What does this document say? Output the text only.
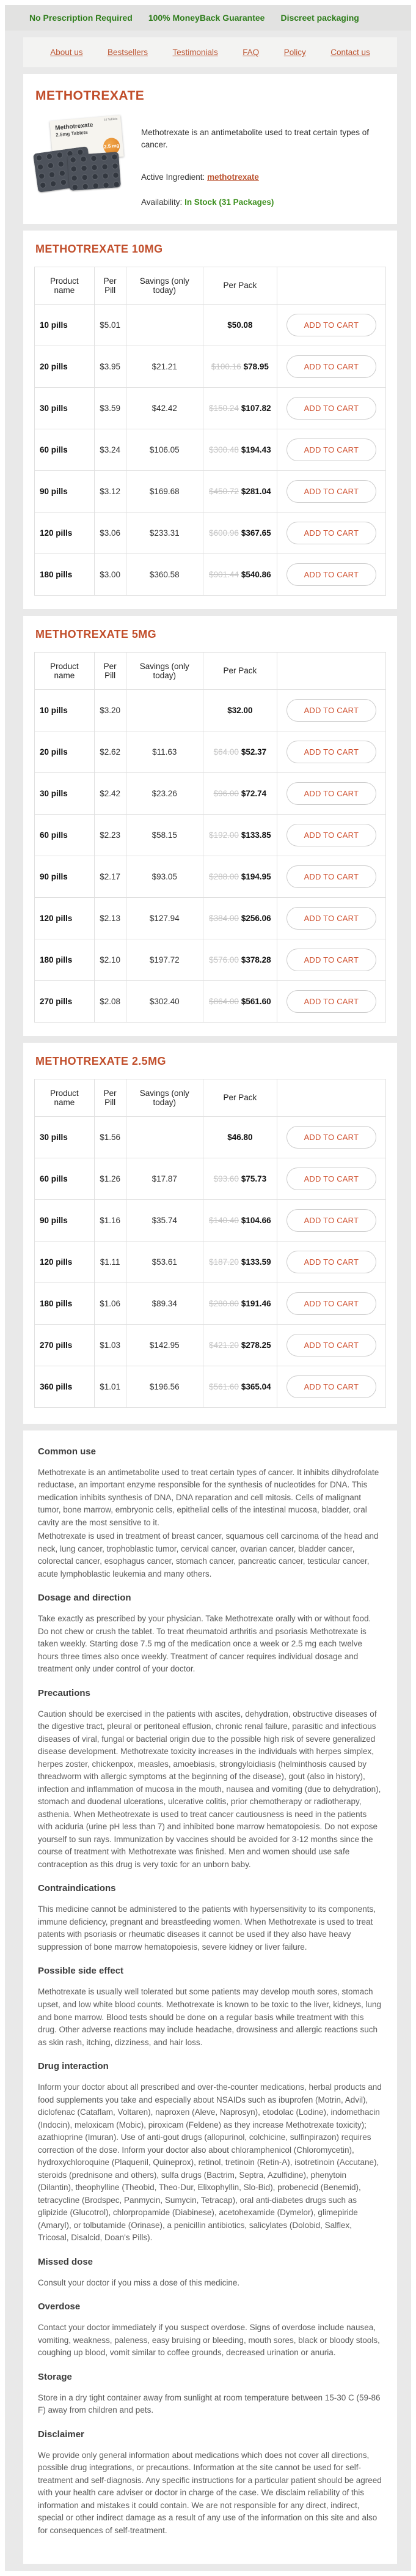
No Prescription Required 100% MoneyBack Guarantee Discreet packaging
About us	Bestsellers	Testimonials	FAQ	Policy	Contact us
METHOTREXATE
Methotrexate
2.5mg Tablets
24 Tablets
2.5 mg

Methotrexate is an antimetabolite used to treat certain types of cancer.

Active Ingredient: methotrexate
Availability: In Stock (31 Packages)
METHOTREXATE 10MG
Product name	Per Pill	Savings (only today)	Per Pack	
10 pills	$5.01		$50.08	ADD TO CART
20 pills	$3.95	$21.21	$100.16 $78.95	ADD TO CART
30 pills	$3.59	$42.42	$150.24 $107.82	ADD TO CART
60 pills	$3.24	$106.05	$300.48 $194.43	ADD TO CART
90 pills	$3.12	$169.68	$450.72 $281.04	ADD TO CART
120 pills	$3.06	$233.31	$600.96 $367.65	ADD TO CART
180 pills	$3.00	$360.58	$901.44 $540.86	ADD TO CART
METHOTREXATE 5MG
Product name	Per Pill	Savings (only today)	Per Pack	
10 pills	$3.20		$32.00	ADD TO CART
20 pills	$2.62	$11.63	$64.00 $52.37	ADD TO CART
30 pills	$2.42	$23.26	$96.00 $72.74	ADD TO CART
60 pills	$2.23	$58.15	$192.00 $133.85	ADD TO CART
90 pills	$2.17	$93.05	$288.00 $194.95	ADD TO CART
120 pills	$2.13	$127.94	$384.00 $256.06	ADD TO CART
180 pills	$2.10	$197.72	$576.00 $378.28	ADD TO CART
270 pills	$2.08	$302.40	$864.00 $561.60	ADD TO CART
METHOTREXATE 2.5MG
Product name	Per Pill	Savings (only today)	Per Pack	
30 pills	$1.56		$46.80	ADD TO CART
60 pills	$1.26	$17.87	$93.60 $75.73	ADD TO CART
90 pills	$1.16	$35.74	$140.40 $104.66	ADD TO CART
120 pills	$1.11	$53.61	$187.20 $133.59	ADD TO CART
180 pills	$1.06	$89.34	$280.80 $191.46	ADD TO CART
270 pills	$1.03	$142.95	$421.20 $278.25	ADD TO CART
360 pills	$1.01	$196.56	$561.60 $365.04	ADD TO CART
Common use

Methotrexate is an antimetabolite used to treat certain types of cancer. It inhibits dihydrofolate reductase, an important enzyme responsible for the synthesis of nucleotides for DNA. This medication inhibits synthesis of DNA, DNA reparation and cell mitosis. Cells of malignant tumor, bone marrow, embryonic cells, epithelial cells of the intestinal mucosa, bladder, oral cavity are the most sensitive to it.

Methotrexate is used in treatment of breast cancer, squamous cell carcinoma of the head and neck, lung cancer, trophoblastic tumor, cervical cancer, ovarian cancer, bladder cancer, colorectal cancer, esophagus cancer, stomach cancer, pancreatic cancer, testicular cancer, acute lymphoblastic leukemia and many others.

Dosage and direction

Take exactly as prescribed by your physician. Take Methotrexate orally with or without food. Do not chew or crush the tablet. To treat rheumatoid arthritis and psoriasis Methotrexate is taken weekly. Starting dose 7.5 mg of the medication once a week or 2.5 mg each twelve hours three times also once weekly. Treatment of cancer requires individual dosage and treatment only under control of your doctor.

Precautions

Caution should be exercised in the patients with ascites, dehydration, obstructive diseases of the digestive tract, pleural or peritoneal effusion, chronic renal failure, parasitic and infectious diseases of viral, fungal or bacterial origin due to the possible high risk of severe generalized disease development. Methotrexate toxicity increases in the individuals with herpes simplex, herpes zoster, chickenpox, measles, amoebiasis, strongyloidiasis (helminthosis caused by threadworm with allergic symptoms at the beginning of the disease), gout (also in history), infection and inflammation of mucosa in the mouth, nausea and vomiting (due to dehydration), stomach and duodenal ulcerations, ulcerative colitis, prior chemotherapy or radiotherapy, asthenia. When Metheotrexate is used to treat cancer cautiousness is need in the patients with aciduria (urine pH less than 7) and inhibited bone marrow hematopoiesis. Do not expose yourself to sun rays. Immunization by vaccines should be avoided for 3-12 months since the course of treatment with Methotrexate was finished. Men and women should use safe contraception as this drug is very toxic for an unborn baby.

Contraindications

This medicine cannot be administered to the patients with hypersensitivity to its components, immune deficiency, pregnant and breastfeeding women. When Methotrexate is used to treat patents with psoriasis or rheumatic diseases it cannot be used if they also have heavy suppression of bone marrow hematopoiesis, severe kidney or liver failure.

Possible side effect

Methotrexate is usually well tolerated but some patients may develop mouth sores, stomach upset, and low white blood counts. Methotrexate is known to be toxic to the liver, kidneys, lung and bone marrow. Blood tests should be done on a regular basis while treatment with this drug. Other adverse reactions may include headache, drowsiness and allergic reactions such as skin rash, itching, dizziness, and hair loss.

Drug interaction

Inform your doctor about all prescribed and over-the-counter medications, herbal products and food supplements you take and especially about NSAIDs such as ibuprofen (Motrin, Advil), diclofenac (Cataflam, Voltaren), naproxen (Aleve, Naprosyn), etodolac (Lodine), indomethacin (Indocin), meloxicam (Mobic), piroxicam (Feldene) as they increase Methotrexate toxicity); azathioprine (Imuran). Use of anti-gout drugs (allopurinol, colchicine, sulfinpirazon) requires correction of the dose. Inform your doctor also about chloramphenicol (Chloromycetin), hydroxychloroquine (Plaquenil, Quineprox), retinol, tretinoin (Retin-A), isotretinoin (Accutane), steroids (prednisone and others), sulfa drugs (Bactrim, Septra, Azulfidine), phenytoin (Dilantin), theophylline (Theobid, Theo-Dur, Elixophyllin, Slo-Bid), probenecid (Benemid), tetracycline (Brodspec, Panmycin, Sumycin, Tetracap), oral anti-diabetes drugs such as glipizide (Glucotrol), chlorpropamide (Diabinese), acetohexamide (Dymelor), glimepiride (Amaryl), or tolbutamide (Orinase), a penicillin antibiotics, salicylates (Dolobid, Salflex, Tricosal, Disalcid, Doan's Pills).

Missed dose

Consult your doctor if you miss a dose of this medicine.

Overdose

Contact your doctor immediately if you suspect overdose. Signs of overdose include nausea, vomiting, weakness, paleness, easy bruising or bleeding, mouth sores, black or bloody stools, coughing up blood, vomit similar to coffee grounds, decreased urination or anuria.

Storage

Store in a dry tight container away from sunlight at room temperature between 15-30 C (59-86 F) away from children and pets.

Disclaimer

We provide only general information about medications which does not cover all directions, possible drug integrations, or precautions. Information at the site cannot be used for self-treatment and self-diagnosis. Any specific instructions for a particular patient should be agreed with your health care adviser or doctor in charge of the case. We disclaim reliability of this information and mistakes it could contain. We are not responsible for any direct, indirect, special or other indirect damage as a result of any use of the information on this site and also for consequences of self-treatment.
